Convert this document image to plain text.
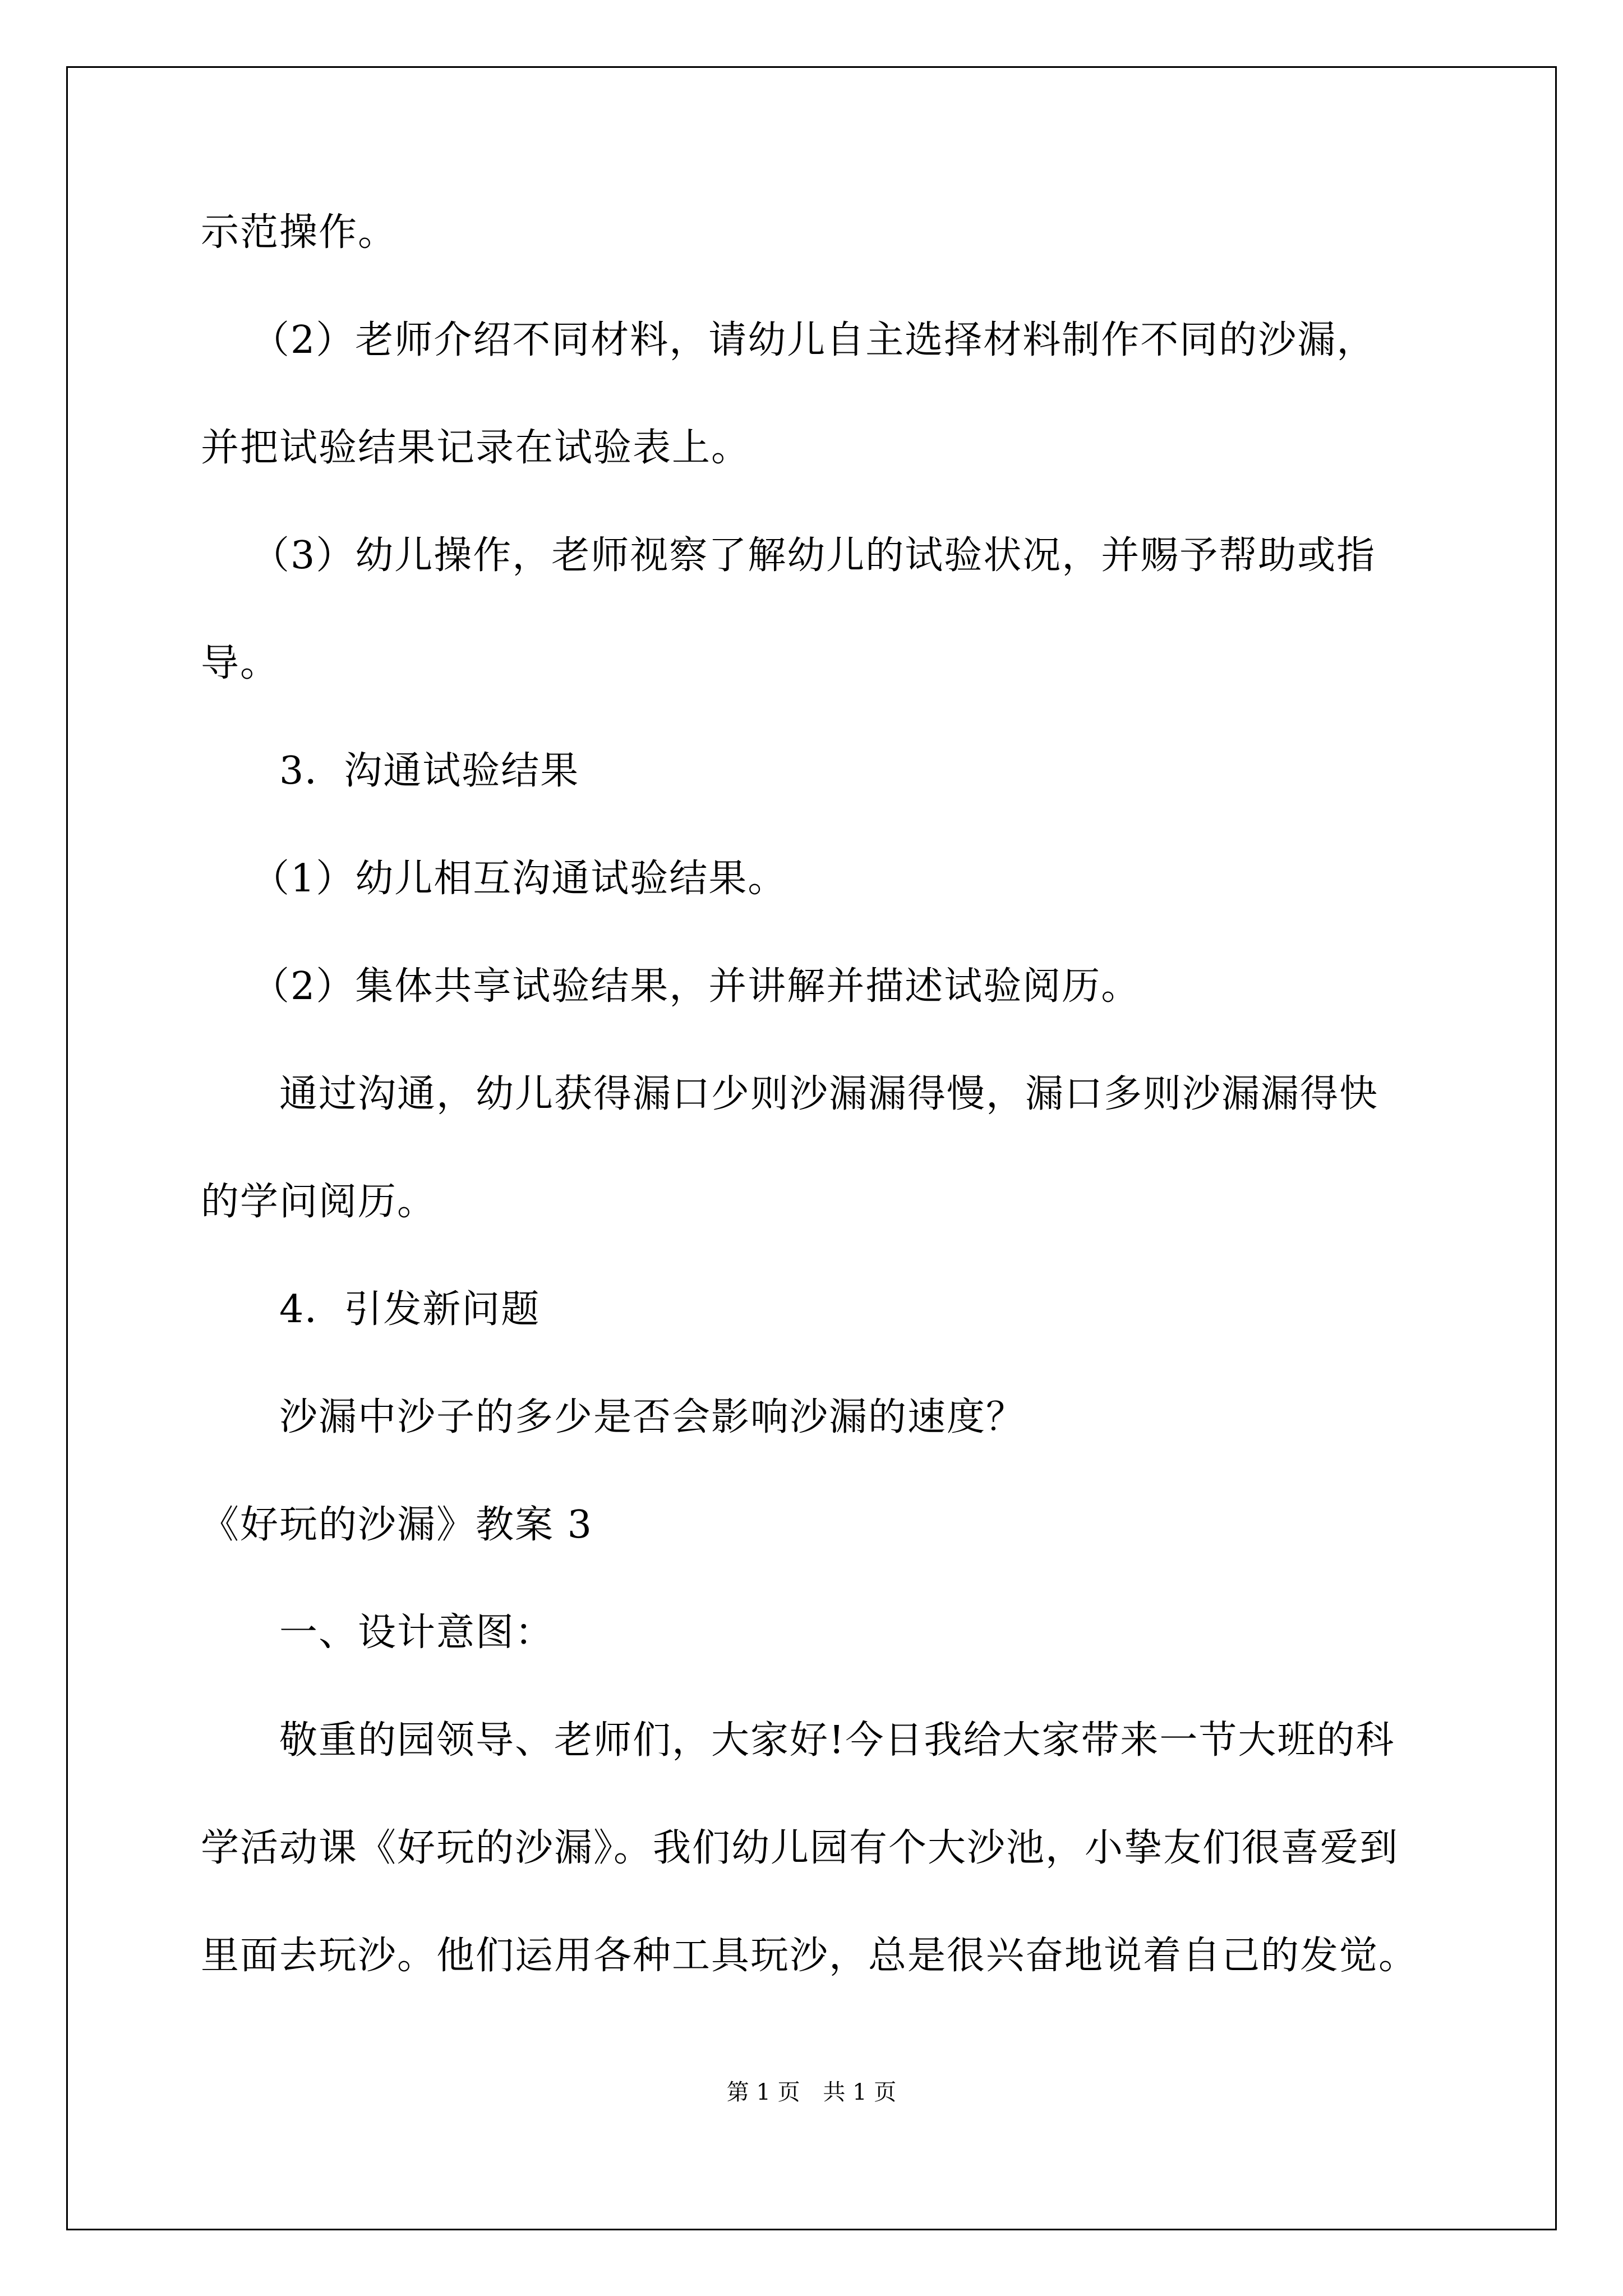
示范操作。
（2）老师介绍不同材料，请幼儿自主选择材料制作不同的沙漏，
并把试验结果记录在试验表上。
（3）幼儿操作，老师视察了解幼儿的试验状况，并赐予帮助或指
导。
3．沟通试验结果
（1）幼儿相互沟通试验结果。
（2）集体共享试验结果，并讲解并描述试验阅历。
通过沟通，幼儿获得漏口少则沙漏漏得慢，漏口多则沙漏漏得快
的学问阅历。
4．引发新问题
沙漏中沙子的多少是否会影响沙漏的速度？
《好玩的沙漏》教案 3
一、设计意图：
敬重的园领导、老师们，大家好!今日我给大家带来一节大班的科
学活动课《好玩的沙漏》。我们幼儿园有个大沙池，小挚友们很喜爱到
里面去玩沙。他们运用各种工具玩沙，总是很兴奋地说着自己的发觉。
第 1 页 共 1 页
